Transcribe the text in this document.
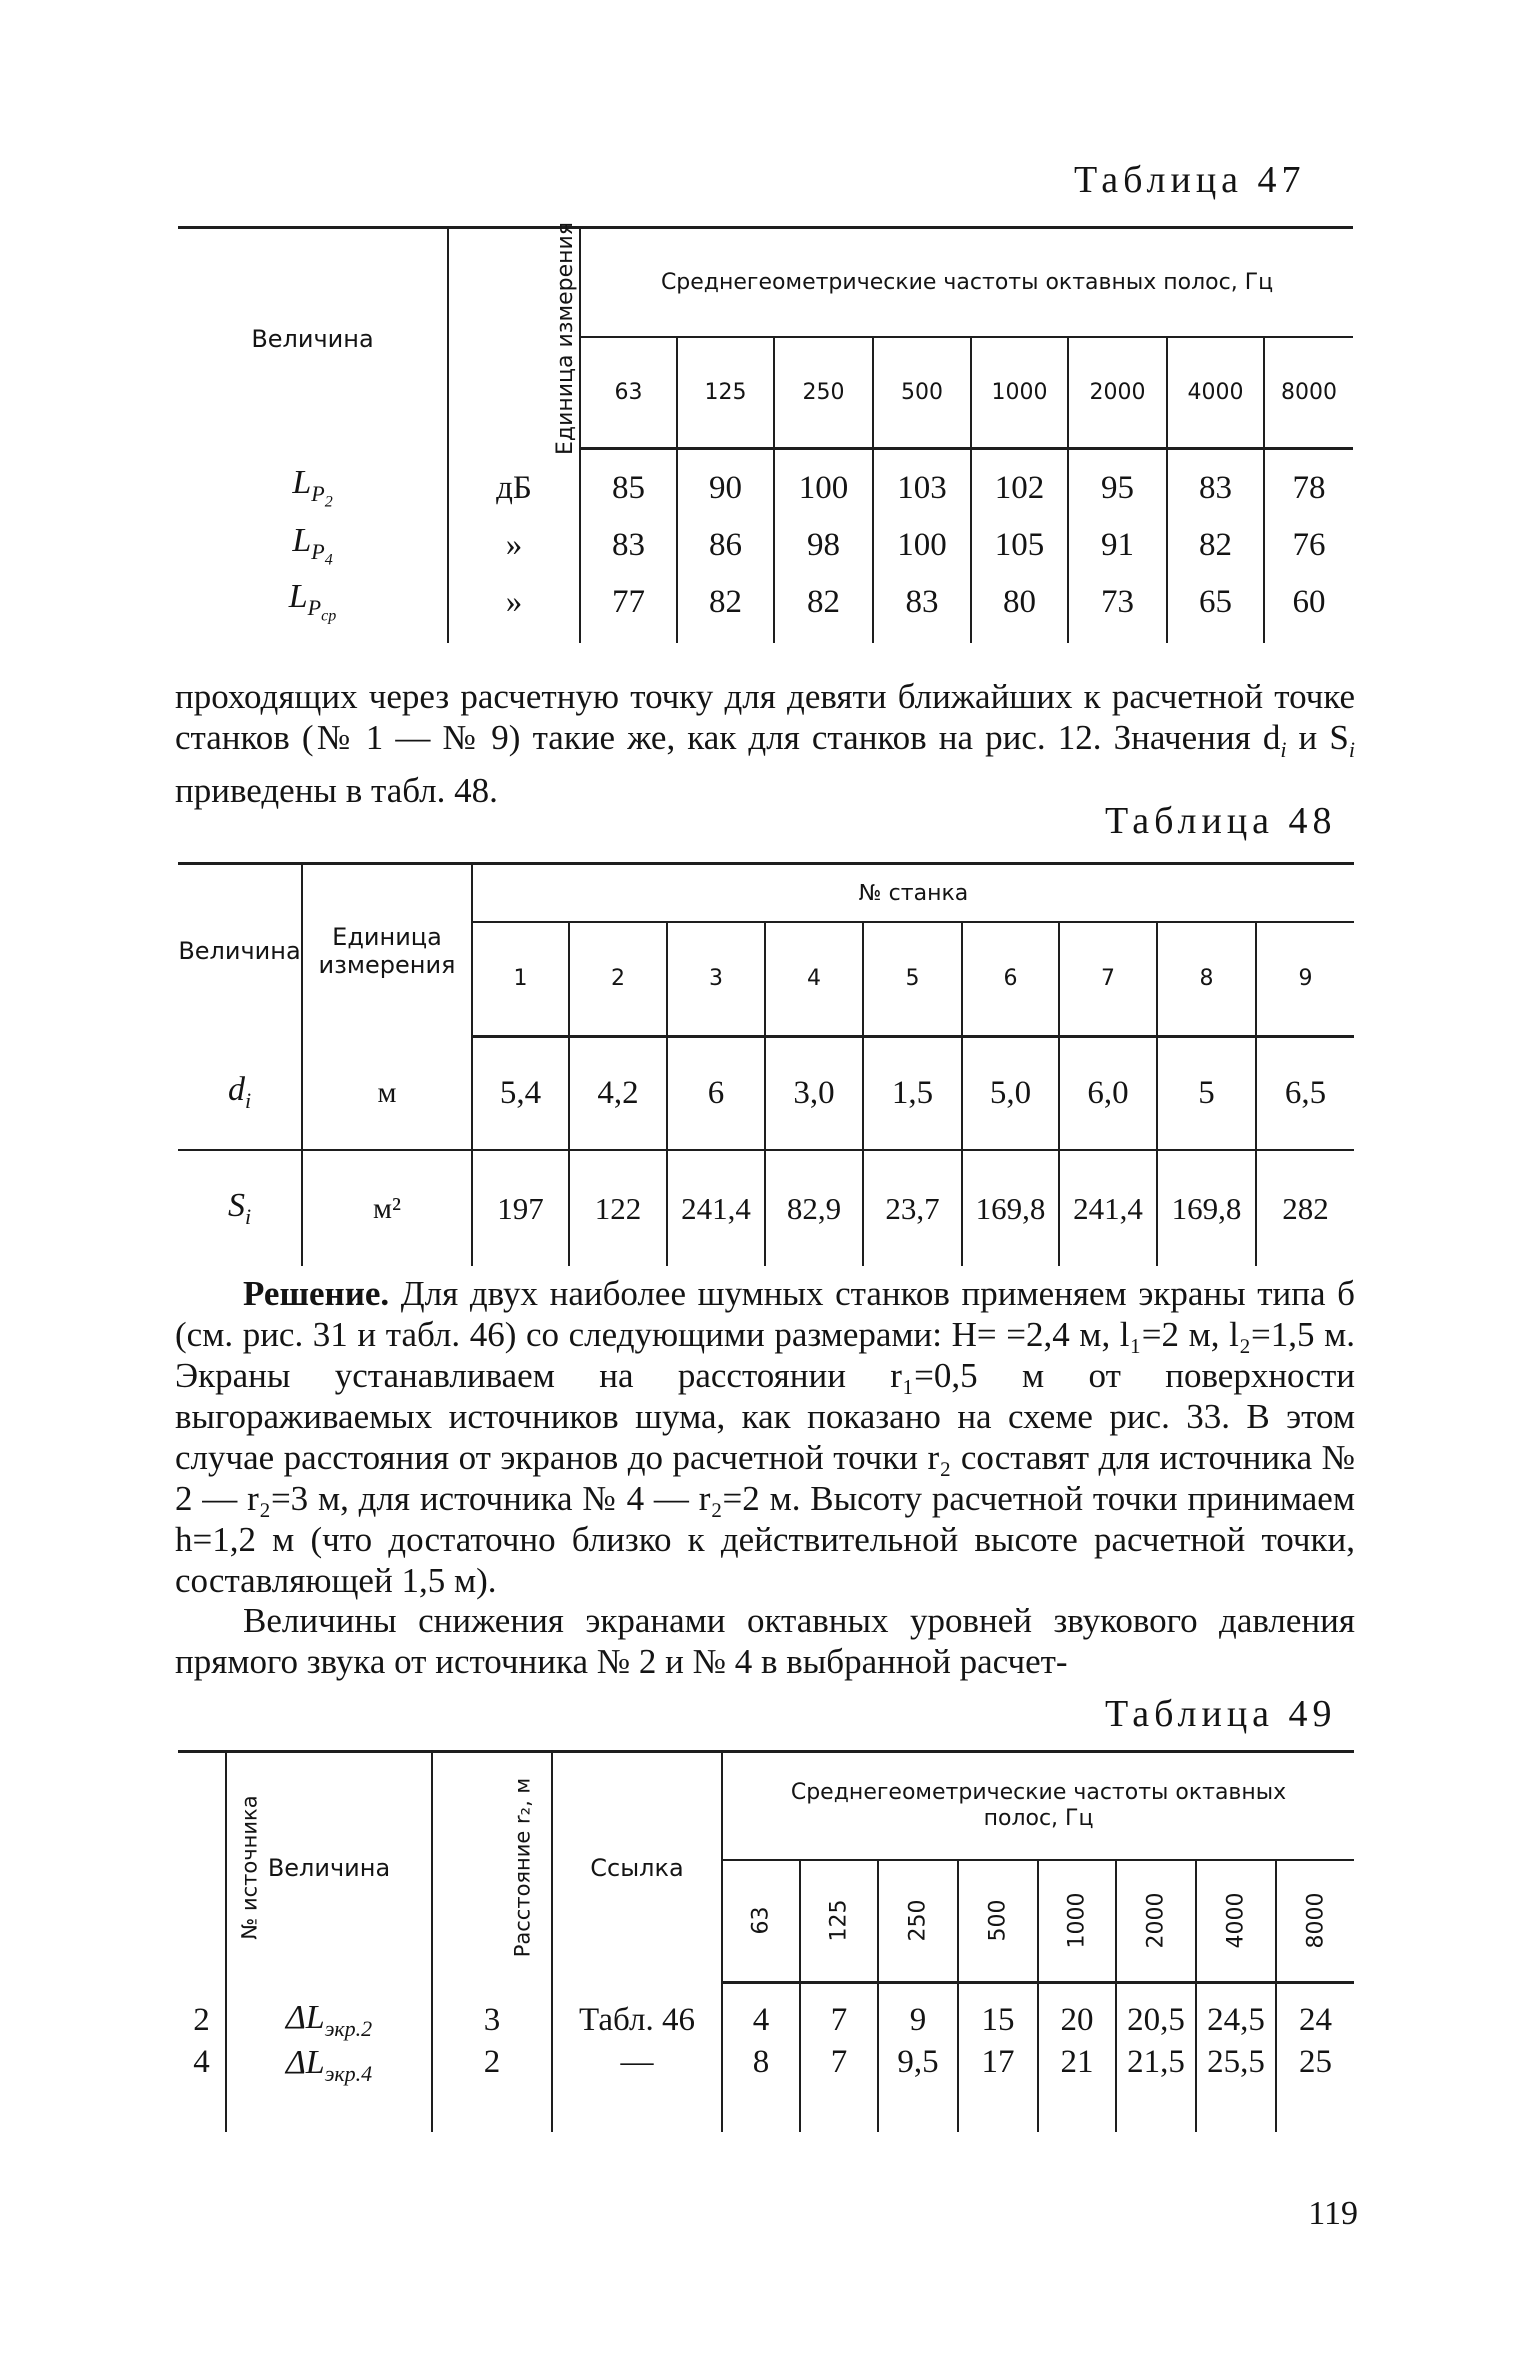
Таблица 47
Величина	Единица измерения	Среднегеометрические частоты октавных полос, Гц							
		63	125	250	500	1000	2000	4000	8000
$L_{P_2}$	дБ	85	90	100	103	102	95	83	78
$L_{P_4}$	»	83	86	98	100	105	91	82	76
$L_{P_{ср}}$	»	77	82	82	83	80	73	65	60
проходящих через расчетную точку для девяти ближайших к расчетной точке станков (№ 1 — № 9) такие же, как для станков на рис. 12. Значения $d_i$ и $S_i$ приведены в табл. 48.
Таблица 48
Величина	Единица измерения	№ станка								
		1	2	3	4	5	6	7	8	9
$d_i$	м	5,4	4,2	6	3,0	1,5	5,0	6,0	5	6,5
$S_i$	м²	197	122	241,4	82,9	23,7	169,8	241,4	169,8	282
Решение. Для двух наиболее шумных станков применяем экраны типа б (см. рис. 31 и табл. 46) со следующими размерами: H= =2,4 м, l₁=2 м, l₂=1,5 м. Экраны устанавливаем на расстоянии r₁=0,5 м от поверхности выгораживаемых источников шума, как показано на схеме рис. 33. В этом случае расстояния от экранов до расчетной точки r₂ составят для источника № 2 — r₂=3 м, для источника № 4 — r₂=2 м. Высоту расчетной точки принимаем h=1,2 м (что достаточно близко к действительной высоте расчетной точки, составляющей 1,5 м).
Величины снижения экранами октавных уровней звукового давления прямого звука от источника № 2 и № 4 в выбранной расчет-
Таблица 49
№ источника	Величина	Расстояние r₂, м	Ссылка	Среднегеометрические частоты октавных полос, Гц							
				63	125	250	500	1000	2000	4000	8000
2	$\Delta L_{экр.2}$	3	Табл. 46	4	7	9	15	20	20,5	24,5	24
4	$\Delta L_{экр.4}$	2	—	8	7	9,5	17	21	21,5	25,5	25
119
